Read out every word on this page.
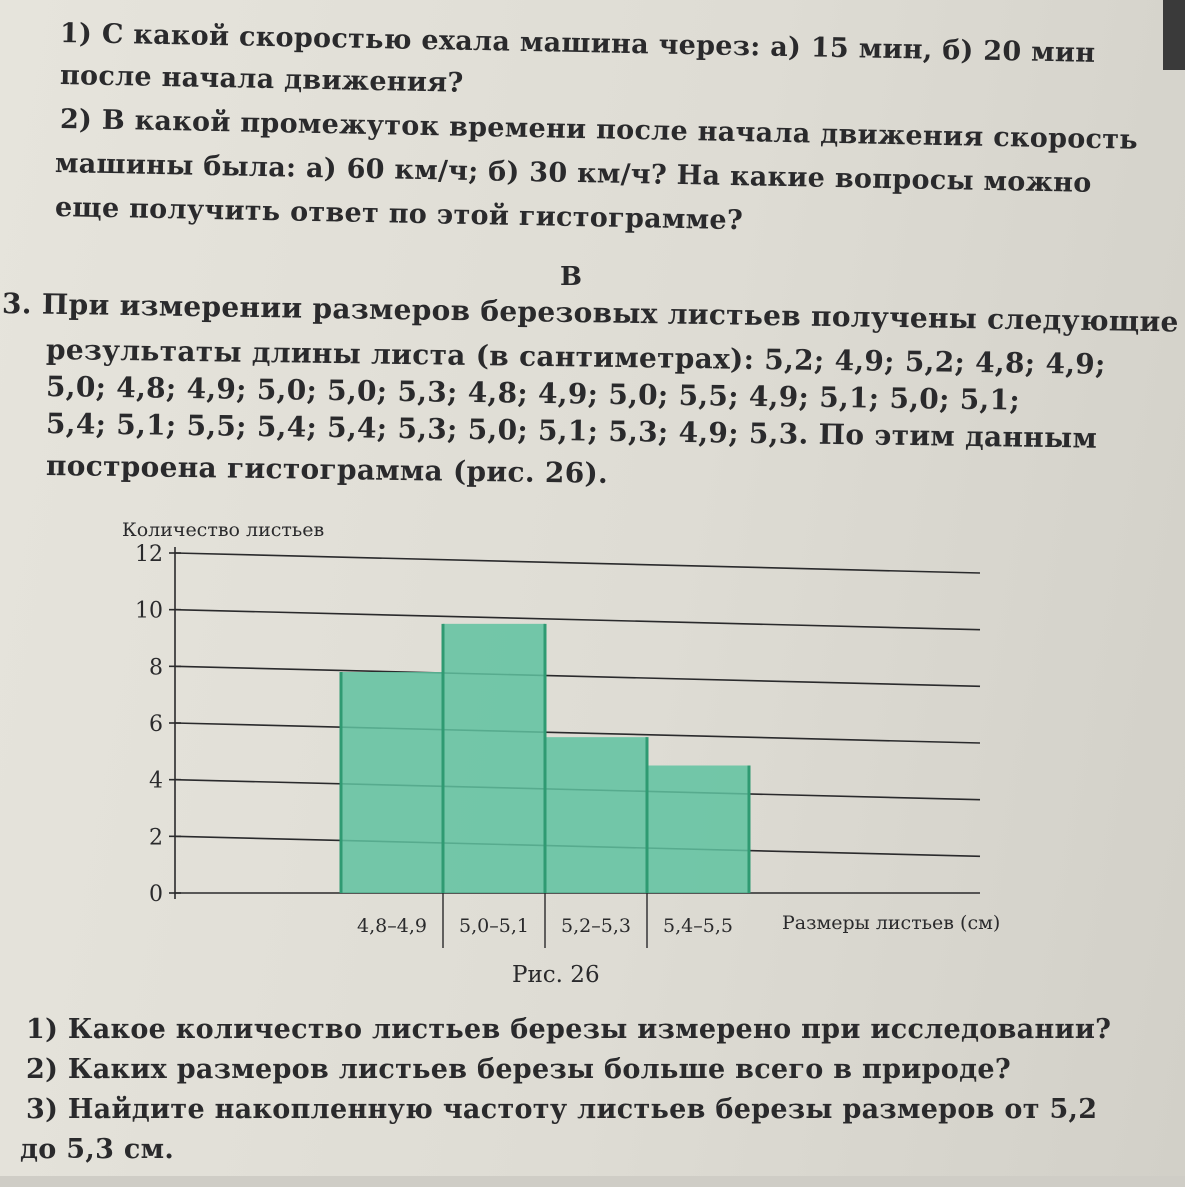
1) С какой скоростью ехала машина через: а) 15 мин, б) 20 мин
после начала движения?
2) В какой промежуток времени после начала движения скорость
машины была: а) 60 км/ч; б) 30 км/ч? На какие вопросы можно
еще получить ответ по этой гистограмме?
В
3. При измерении размеров березовых листьев получены следующие
результаты длины листа (в сантиметрах): 5,2; 4,9; 5,2; 4,8; 4,9;
5,0; 4,8; 4,9; 5,0; 5,0; 5,3; 4,8; 4,9; 5,0; 5,5; 4,9; 5,1; 5,0; 5,1;
5,4; 5,1; 5,5; 5,4; 5,4; 5,3; 5,0; 5,1; 5,3; 4,9; 5,3. По этим данным
построена гистограмма (рис. 26).
0
2
4
6
8
10
12
4,8–4,9 5,0–5,1 5,2–5,3 5,4–5,5
Количество листьев
Размеры листьев (см)
Рис. 26
1) Какое количество листьев березы измерено при исследовании?
2) Каких размеров листьев березы больше всего в природе?
3) Найдите накопленную частоту листьев березы размеров от 5,2
до 5,3 см.
